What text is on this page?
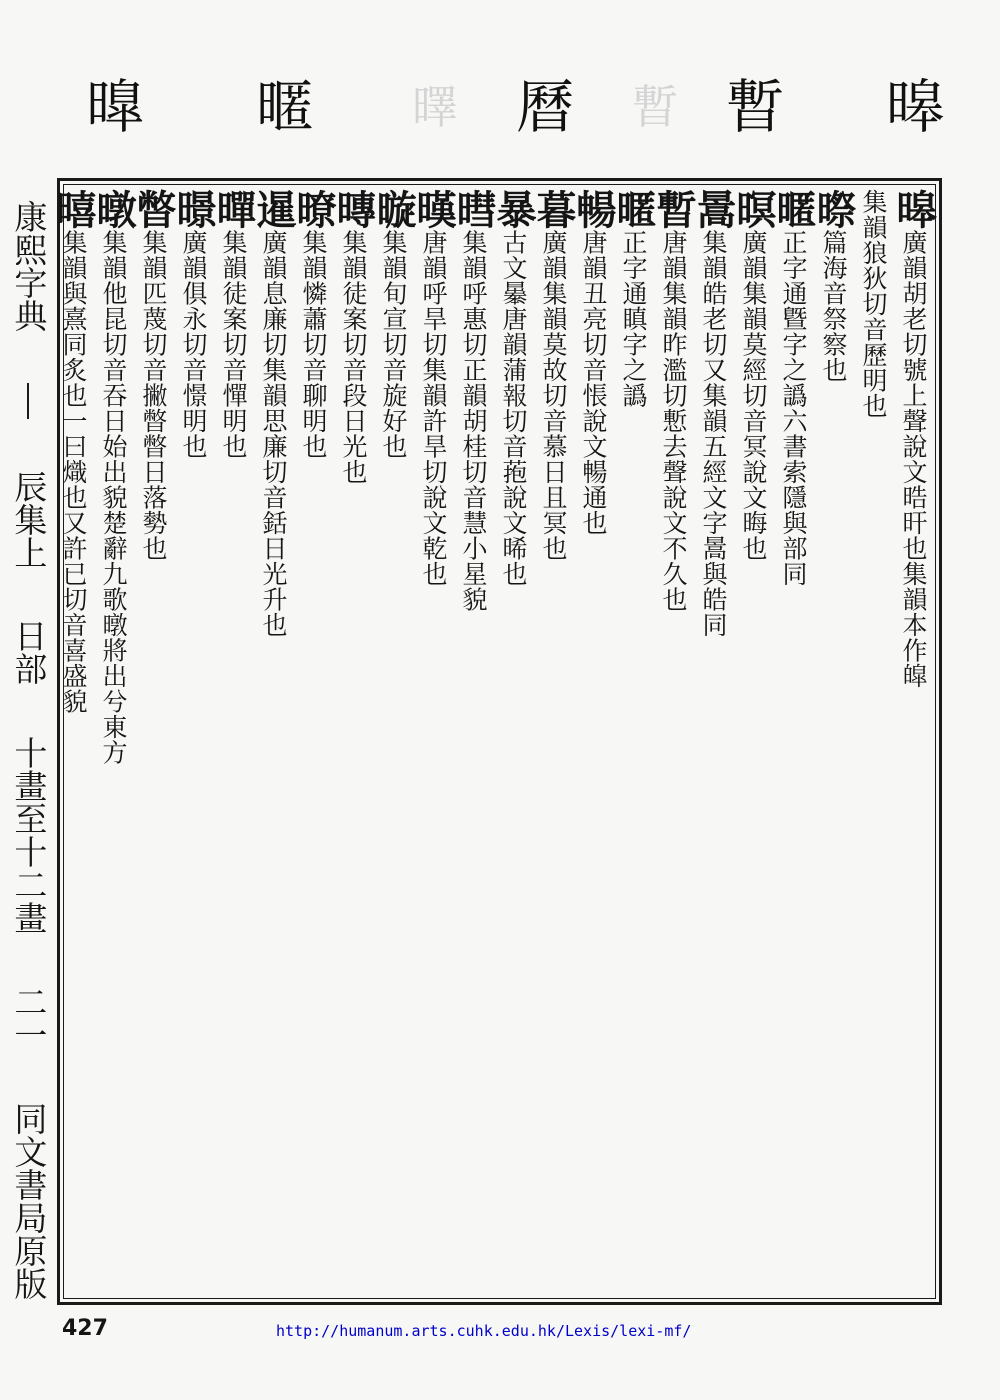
暤
暫
暫
曆
曎
暱
曍
康熙字典
辰集上
日部
十畫至十二畫
二一
同文書局原版
暤廣韻胡老切號上聲說文晧旰也集韻本作皡
集韻狼狄切音歷明也
暩篇海音祭察也
暱正字通曁字之譌六書索隱與部同
暝廣韻集韻莫經切音冥說文晦也
暠集韻皓老切又集韻五經文字暠與皓同
暫唐韻集韻昨濫切慙去聲說文不久也
暱正字通瞋字之譌
暢唐韻丑亮切音悵說文暢通也
暮廣韻集韻莫故切音慕日且冥也
暴古文曓唐韻蒲報切音菢說文晞也
暳集韻呼惠切正韻胡桂切音慧小星貌
暵唐韻呼旱切集韻許旱切說文乾也
暶集韻旬宣切音旋好也
暷集韻徒案切音段日光也
暸集韻憐蕭切音聊明也
暹廣韻息廉切集韻思廉切音銛日光升也
暺集韻徒案切音憚明也
暻廣韻俱永切音憬明也
暼集韻匹蔑切音撇暼暼日落勢也
暾集韻他昆切音吞日始出貌楚辭九歌暾將出兮東方
暿集韻與熹同炙也一曰熾也又許已切音喜盛貌
427	http://humanum.arts.cuhk.edu.hk/Lexis/lexi-mf/
